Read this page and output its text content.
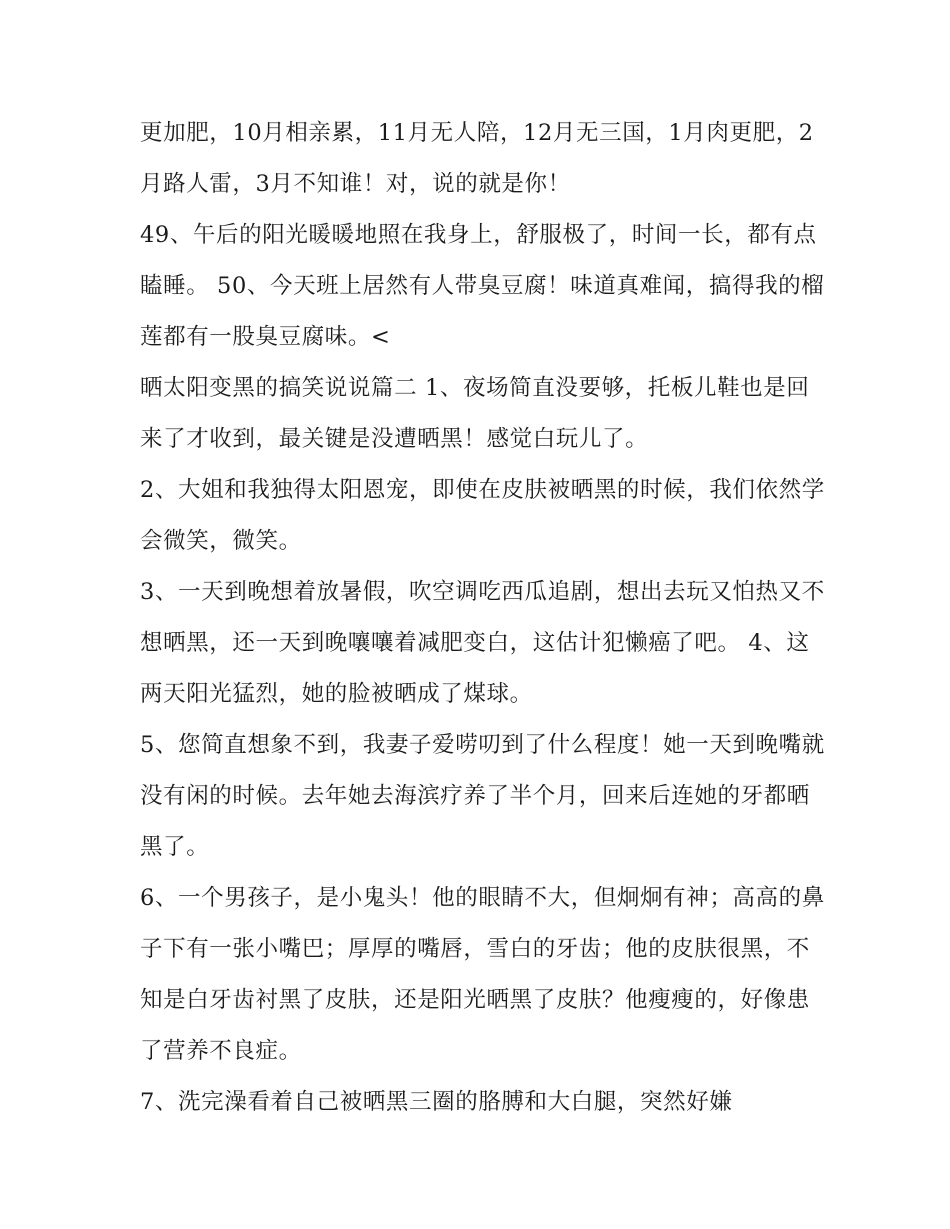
更加肥，10月相亲累，11月无人陪，12月无三国，1月肉更肥，2月路人雷，3月不知谁！对，说的就是你！

49、午后的阳光暖暖地照在我身上，舒服极了，时间一长，都有点瞌睡。 50、今天班上居然有人带臭豆腐！味道真难闻，搞得我的榴莲都有一股臭豆腐味。<

晒太阳变黑的搞笑说说篇二 1、夜场简直没要够，托板儿鞋也是回来了才收到，最关键是没遭晒黑！感觉白玩儿了。

2、大姐和我独得太阳恩宠，即使在皮肤被晒黑的时候，我们依然学会微笑，微笑。

3、一天到晚想着放暑假，吹空调吃西瓜追剧，想出去玩又怕热又不想晒黑，还一天到晚嚷嚷着减肥变白，这估计犯懒癌了吧。 4、这两天阳光猛烈，她的脸被晒成了煤球。

5、您简直想象不到，我妻子爱唠叨到了什么程度！她一天到晚嘴就没有闲的时候。去年她去海滨疗养了半个月，回来后连她的牙都晒黑了。

6、一个男孩子，是小鬼头！他的眼睛不大，但炯炯有神；高高的鼻子下有一张小嘴巴；厚厚的嘴唇，雪白的牙齿；他的皮肤很黑，不知是白牙齿衬黑了皮肤，还是阳光晒黑了皮肤？他瘦瘦的，好像患了营养不良症。

7、洗完澡看着自己被晒黑三圈的胳膊和大白腿，突然好嫌
